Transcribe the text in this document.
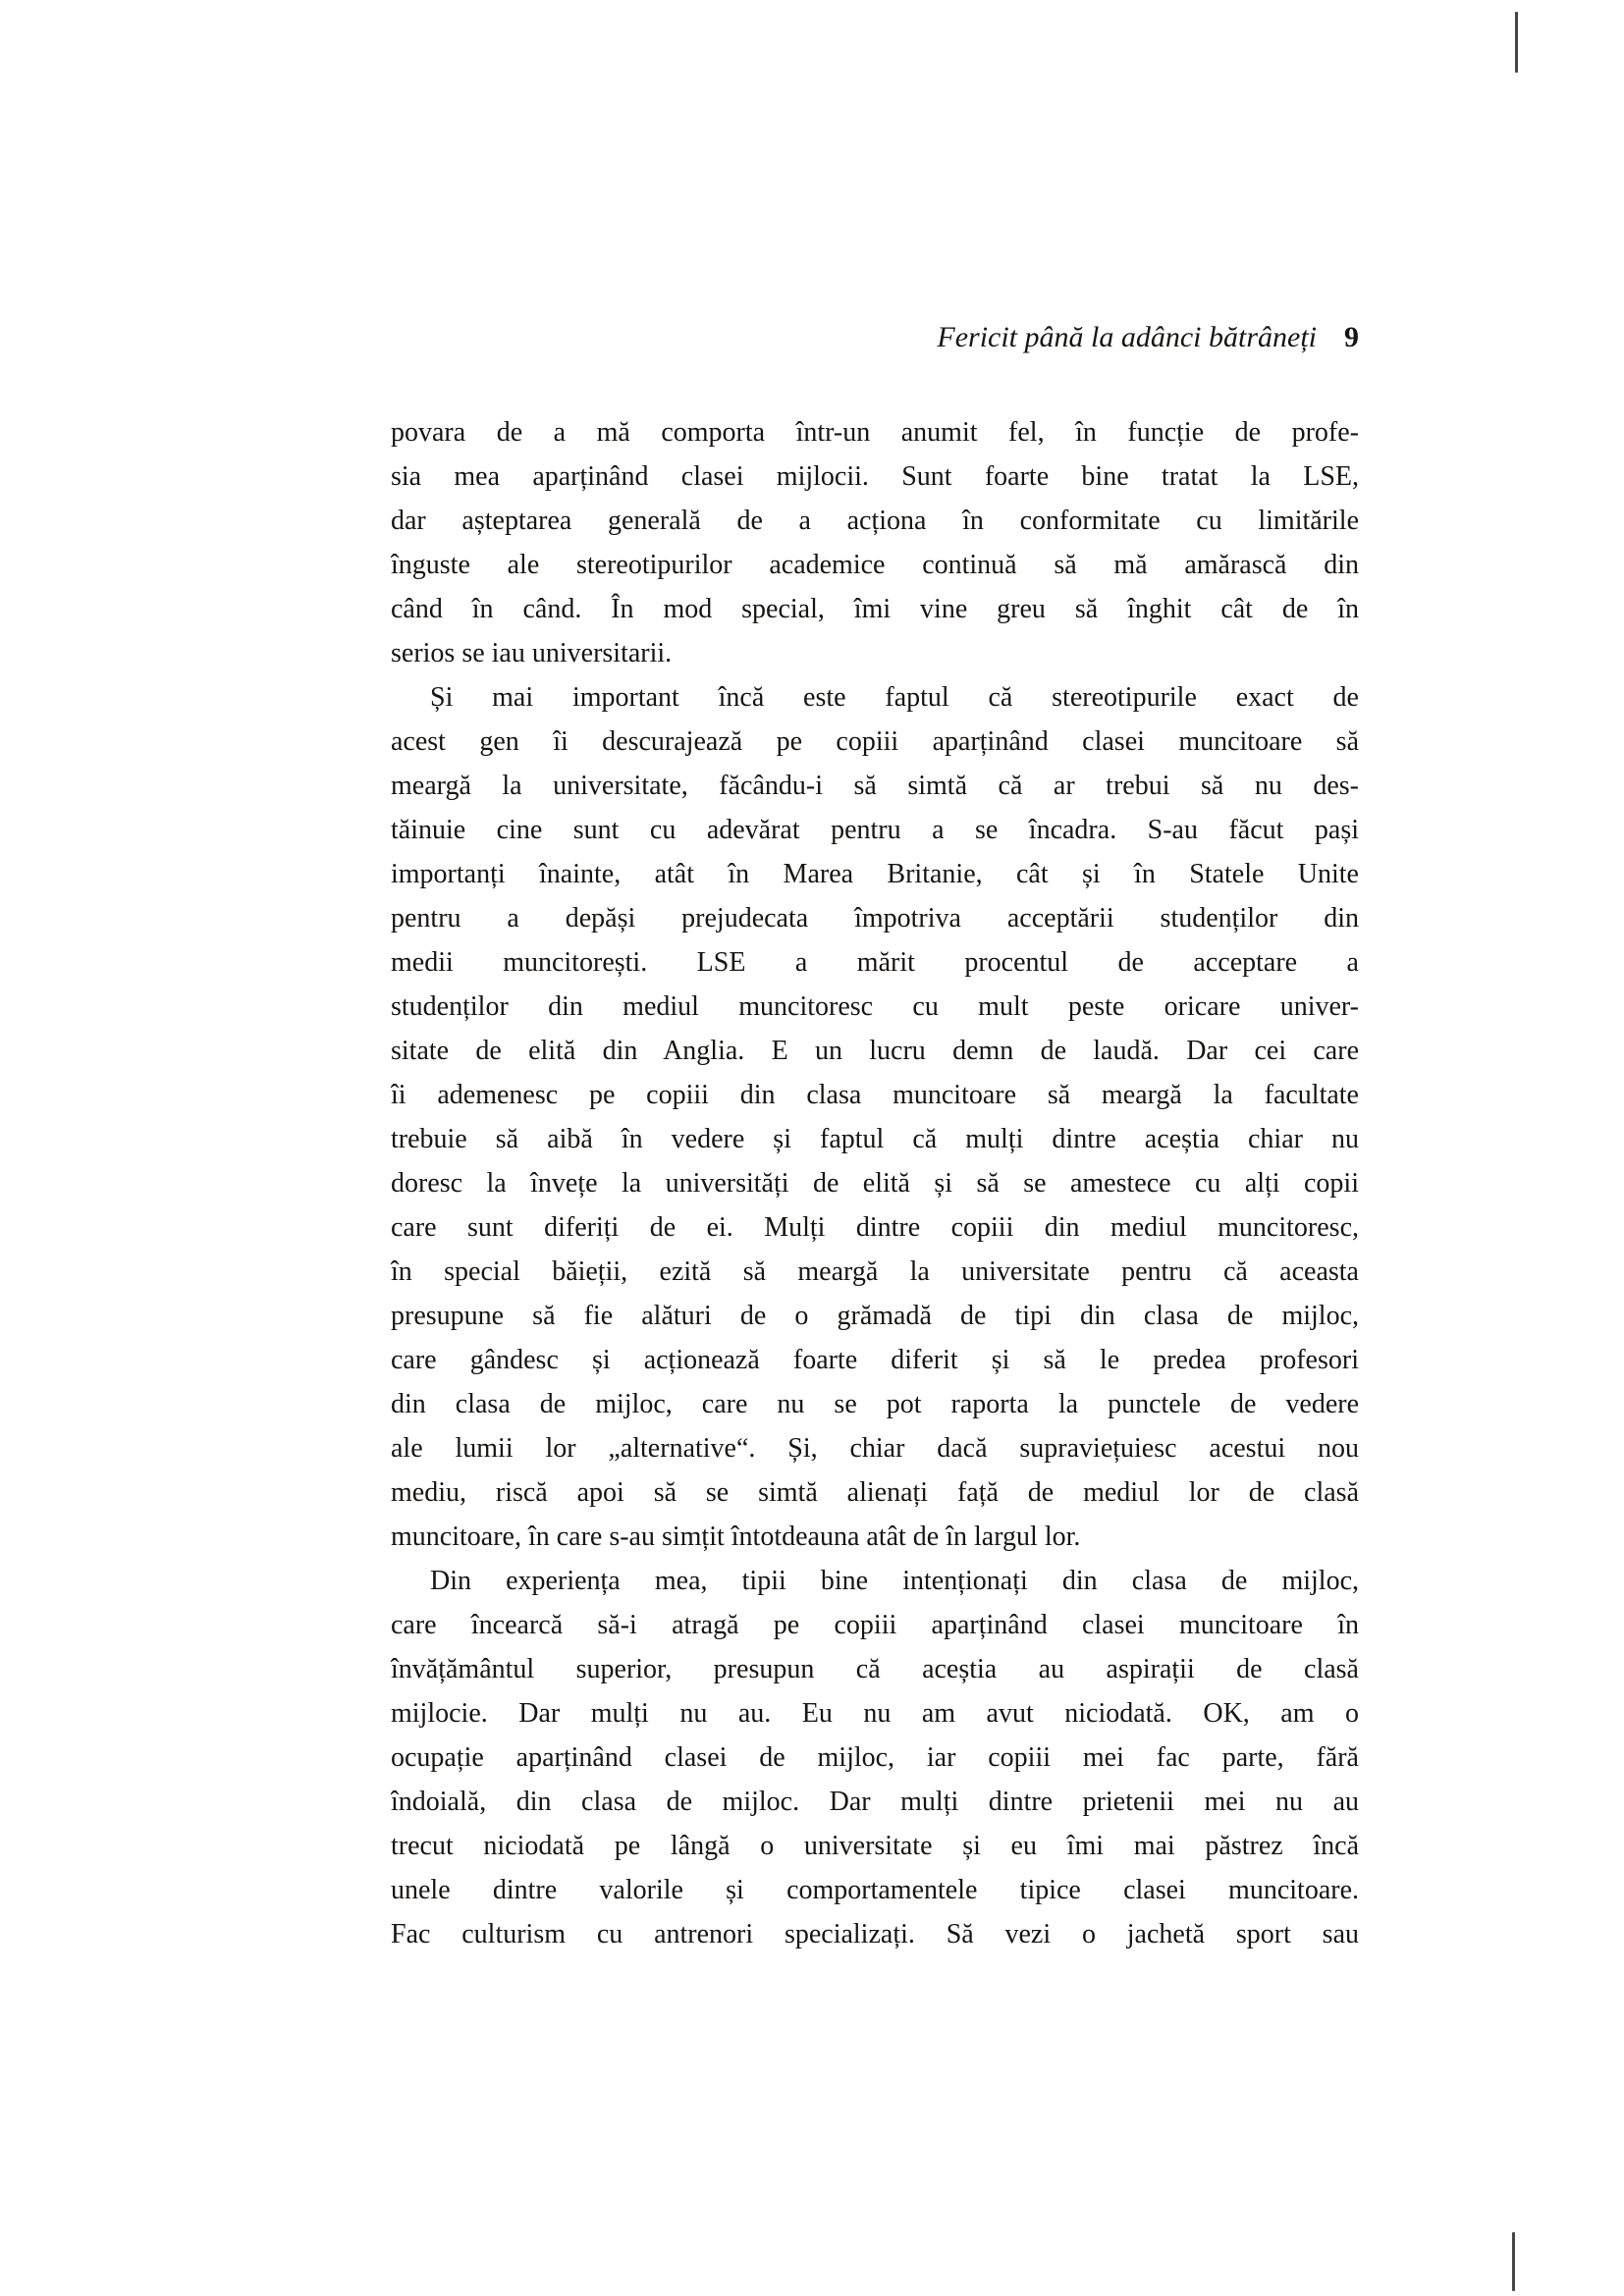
Fericit până la adânci bătrâneți 9
povara de a mă comporta într-un anumit fel, în funcție de profe-
sia mea aparținând clasei mijlocii. Sunt foarte bine tratat la LSE,
dar așteptarea generală de a acționa în conformitate cu limitările
înguste ale stereotipurilor academice continuă să mă amărască din
când în când. În mod special, îmi vine greu să înghit cât de în
serios se iau universitarii.
Și mai important încă este faptul că stereotipurile exact de
acest gen îi descurajează pe copiii aparținând clasei muncitoare să
meargă la universitate, făcându-i să simtă că ar trebui să nu des-
tăinuie cine sunt cu adevărat pentru a se încadra. S-au făcut pași
importanți înainte, atât în Marea Britanie, cât și în Statele Unite
pentru a depăși prejudecata împotriva acceptării studenților din
medii muncitorești. LSE a mărit procentul de acceptare a
studenților din mediul muncitoresc cu mult peste oricare univer-
sitate de elită din Anglia. E un lucru demn de laudă. Dar cei care
îi ademenesc pe copiii din clasa muncitoare să meargă la facultate
trebuie să aibă în vedere și faptul că mulți dintre aceștia chiar nu
doresc la învețe la universități de elită și să se amestece cu alți copii
care sunt diferiți de ei. Mulți dintre copiii din mediul muncitoresc,
în special băieții, ezită să meargă la universitate pentru că aceasta
presupune să fie alături de o grămadă de tipi din clasa de mijloc,
care gândesc și acționează foarte diferit și să le predea profesori
din clasa de mijloc, care nu se pot raporta la punctele de vedere
ale lumii lor „alternative“. Și, chiar dacă supraviețuiesc acestui nou
mediu, riscă apoi să se simtă alienați față de mediul lor de clasă
muncitoare, în care s-au simțit întotdeauna atât de în largul lor.
Din experiența mea, tipii bine intenționați din clasa de mijloc,
care încearcă să-i atragă pe copiii aparținând clasei muncitoare în
învățământul superior, presupun că aceștia au aspirații de clasă
mijlocie. Dar mulți nu au. Eu nu am avut niciodată. OK, am o
ocupație aparținând clasei de mijloc, iar copiii mei fac parte, fără
îndoială, din clasa de mijloc. Dar mulți dintre prietenii mei nu au
trecut niciodată pe lângă o universitate și eu îmi mai păstrez încă
unele dintre valorile și comportamentele tipice clasei muncitoare.
Fac culturism cu antrenori specializați. Să vezi o jachetă sport sau
